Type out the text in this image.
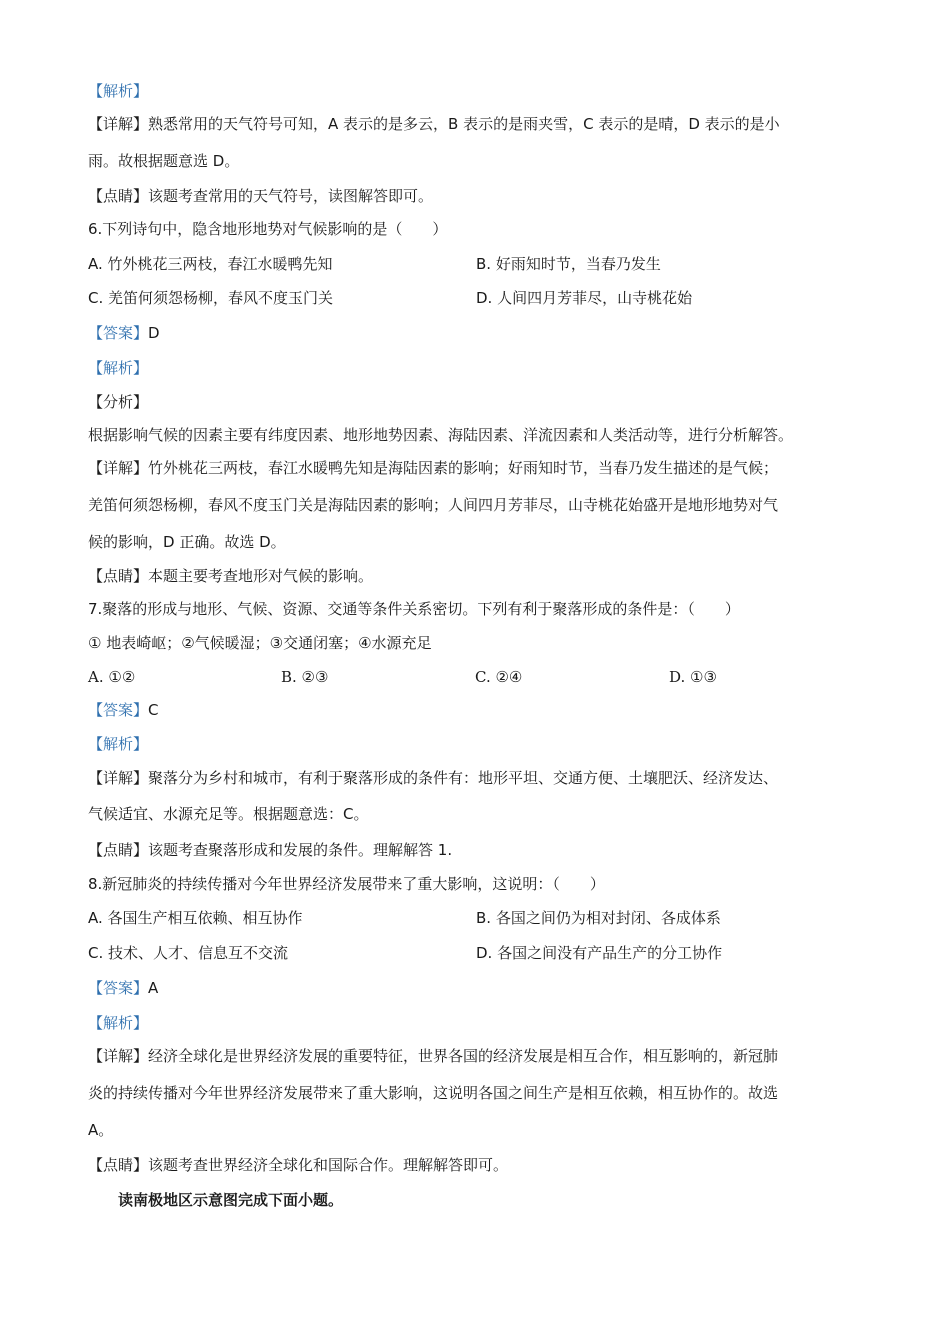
【解析】
【详解】熟悉常用的天气符号可知，A 表示的是多云，B 表示的是雨夹雪，C 表示的是晴，D 表示的是小
雨。故根据题意选 D。
【点睛】该题考查常用的天气符号，读图解答即可。
6.下列诗句中，隐含地形地势对气候影响的是（　　）
A. 竹外桃花三两枝，春江水暖鸭先知	B. 好雨知时节，当春乃发生
C. 羌笛何须怨杨柳，春风不度玉门关	D. 人间四月芳菲尽，山寺桃花始
【答案】D
【解析】
【分析】
根据影响气候的因素主要有纬度因素、地形地势因素、海陆因素、洋流因素和人类活动等，进行分析解答。
【详解】竹外桃花三两枝，春江水暖鸭先知是海陆因素的影响；好雨知时节，当春乃发生描述的是气候；
羌笛何须怨杨柳，春风不度玉门关是海陆因素的影响；人间四月芳菲尽，山寺桃花始盛开是地形地势对气
候的影响，D 正确。故选 D。
【点睛】本题主要考查地形对气候的影响。
7.聚落的形成与地形、气候、资源、交通等条件关系密切。下列有利于聚落形成的条件是：（　　）
① 地表崎岖；②气候暖湿；③交通闭塞；④水源充足
A. ①②	B. ②③	C. ②④	D. ①③
【答案】C
【解析】
【详解】聚落分为乡村和城市，有利于聚落形成的条件有：地形平坦、交通方便、土壤肥沃、经济发达、
气候适宜、水源充足等。根据题意选：C。
【点睛】该题考查聚落形成和发展的条件。理解解答 1.
8.新冠肺炎的持续传播对今年世界经济发展带来了重大影响，这说明：（　　）
A. 各国生产相互依赖、相互协作	B. 各国之间仍为相对封闭、各成体系
C. 技术、人才、信息互不交流	D. 各国之间没有产品生产的分工协作
【答案】A
【解析】
【详解】经济全球化是世界经济发展的重要特征，世界各国的经济发展是相互合作，相互影响的，新冠肺
炎的持续传播对今年世界经济发展带来了重大影响，这说明各国之间生产是相互依赖，相互协作的。故选
A。
【点睛】该题考查世界经济全球化和国际合作。理解解答即可。
读南极地区示意图完成下面小题。
